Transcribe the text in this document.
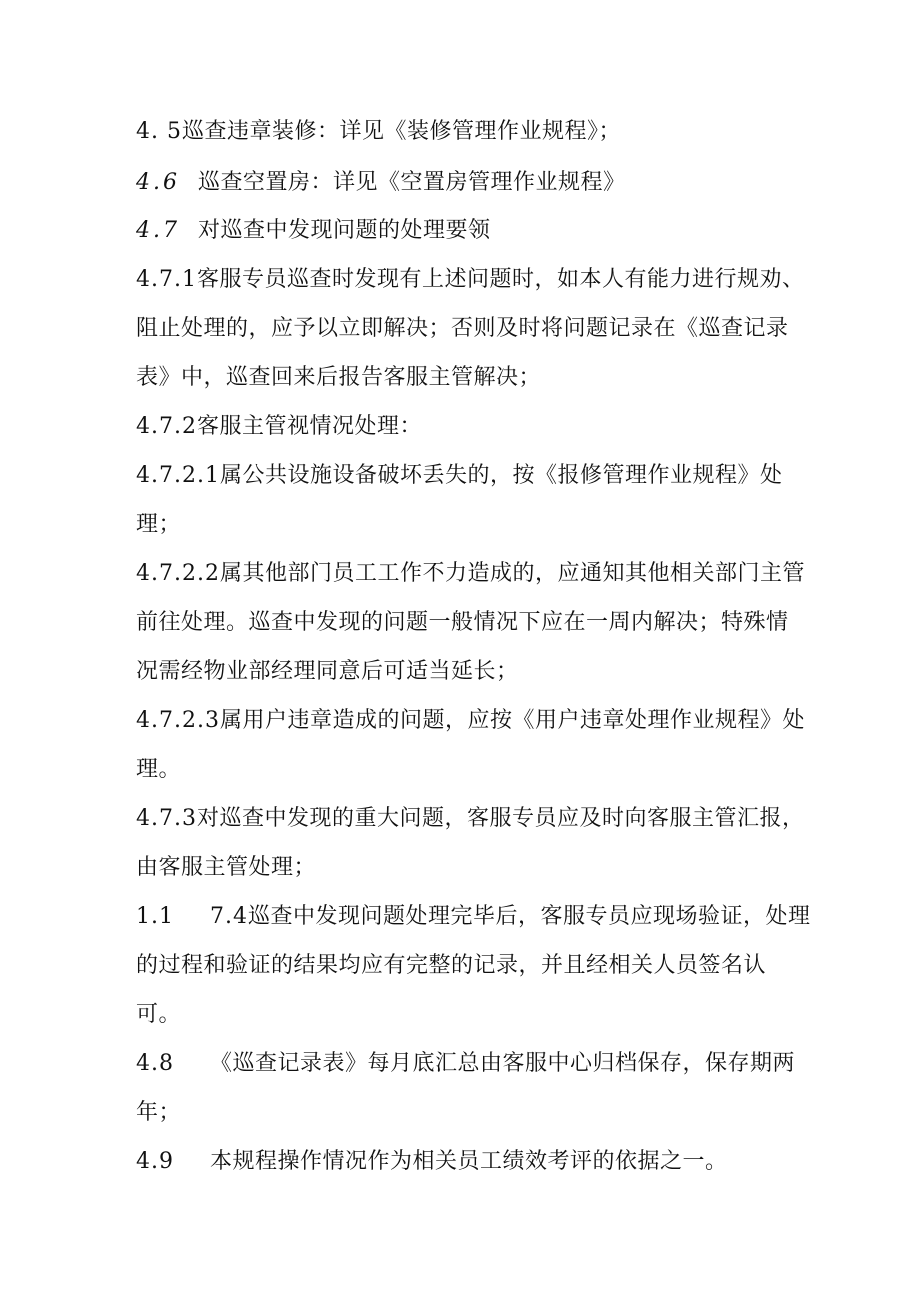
4. 5巡查违章装修：详见《装修管理作业规程》；
4.6 巡查空置房：详见《空置房管理作业规程》
4.7 对巡查中发现问题的处理要领
4.7.1客服专员巡查时发现有上述问题时，如本人有能力进行规劝、
阻止处理的，应予以立即解决；否则及时将问题记录在《巡查记录
表》中，巡查回来后报告客服主管解决；
4.7.2客服主管视情况处理：
4.7.2.1属公共设施设备破坏丢失的，按《报修管理作业规程》处
理；
4.7.2.2属其他部门员工工作不力造成的，应通知其他相关部门主管
前往处理。巡查中发现的问题一般情况下应在一周内解决；特殊情
况需经物业部经理同意后可适当延长；
4.7.2.3属用户违章造成的问题，应按《用户违章处理作业规程》处
理。
4.7.3对巡查中发现的重大问题，客服专员应及时向客服主管汇报，
由客服主管处理；
1.1 7.4巡查中发现问题处理完毕后，客服专员应现场验证，处理
的过程和验证的结果均应有完整的记录，并且经相关人员签名认
可。
4.8 《巡查记录表》每月底汇总由客服中心归档保存，保存期两
年；
4.9 本规程操作情况作为相关员工绩效考评的依据之一。
